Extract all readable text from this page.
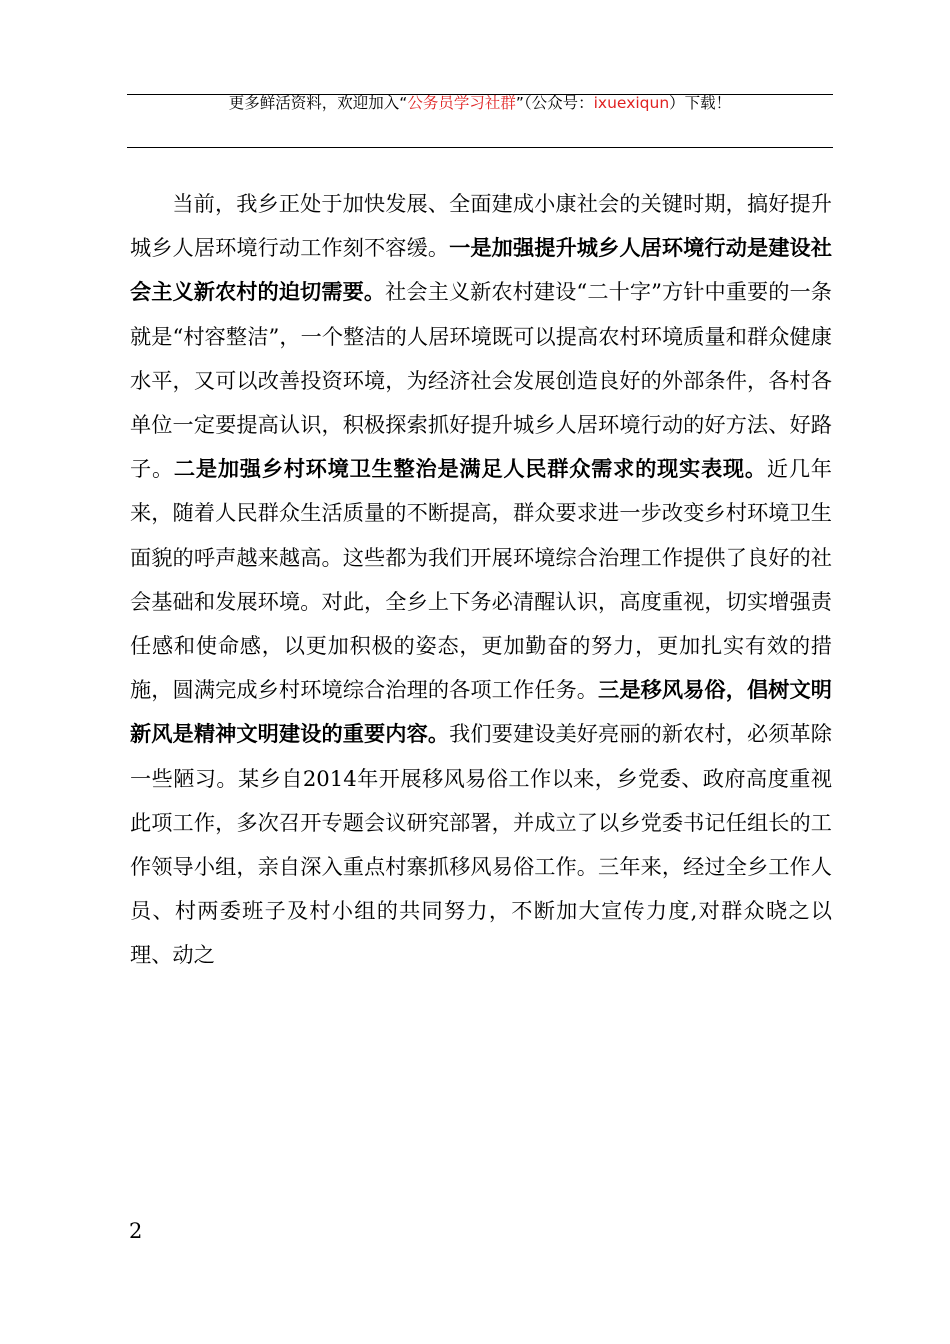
更多鲜活资料，欢迎加入“公务员学习社群”（公众号：ixuexiqun）下载！
当前，我乡正处于加快发展、全面建成小康社会的关键时期，搞好提升城乡人居环境行动工作刻不容缓。一是加强提升城乡人居环境行动是建设社会主义新农村的迫切需要。社会主义新农村建设“二十字”方针中重要的一条就是“村容整洁”，一个整洁的人居环境既可以提高农村环境质量和群众健康水平，又可以改善投资环境，为经济社会发展创造良好的外部条件，各村各单位一定要提高认识，积极探索抓好提升城乡人居环境行动的好方法、好路子。二是加强乡村环境卫生整治是满足人民群众需求的现实表现。近几年来，随着人民群众生活质量的不断提高，群众要求进一步改变乡村环境卫生面貌的呼声越来越高。这些都为我们开展环境综合治理工作提供了良好的社会基础和发展环境。对此，全乡上下务必清醒认识，高度重视，切实增强责任感和使命感，以更加积极的姿态，更加勤奋的努力，更加扎实有效的措施，圆满完成乡村环境综合治理的各项工作任务。三是移风易俗，倡树文明新风是精神文明建设的重要内容。我们要建设美好亮丽的新农村，必须革除一些陋习。某乡自2014年开展移风易俗工作以来，乡党委、政府高度重视此项工作，多次召开专题会议研究部署，并成立了以乡党委书记任组长的工作领导小组，亲自深入重点村寨抓移风易俗工作。三年来，经过全乡工作人员、村两委班子及村小组的共同努力，不断加大宣传力度,对群众晓之以理、动之
2
